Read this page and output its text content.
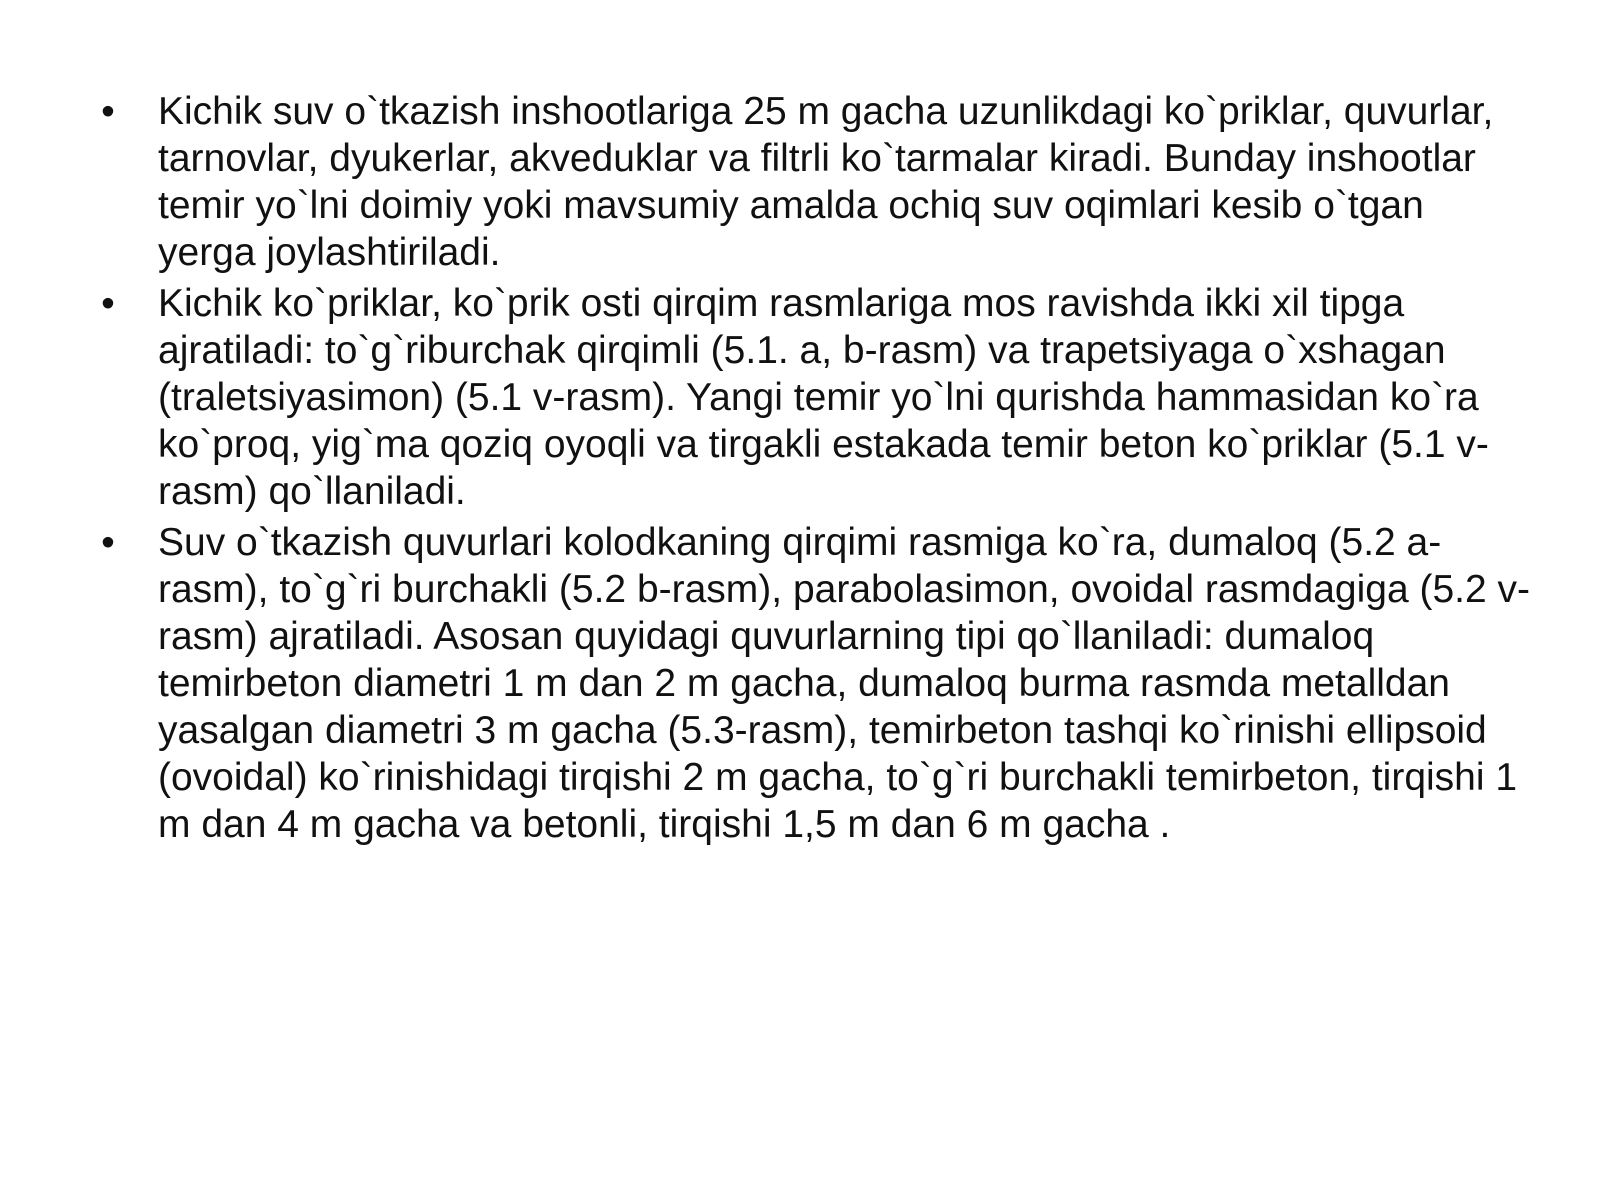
• Kichik suv o`tkazish inshootlariga 25 m gacha uzunlikdagi ko`priklar, quvurlar, tarnovlar, dyukerlar, akveduklar va filtrli ko`tarmalar kiradi. Bunday inshootlar temir yo`lni doimiy yoki mavsumiy amalda ochiq suv oqimlari kesib o`tgan yerga joylashtiriladi.
• Kichik ko`priklar, ko`prik osti qirqim rasmlariga mos ravishda ikki xil tipga ajratiladi: to`g`riburchak qirqimli (5.1. a, b-rasm) va trapetsiyaga o`xshagan (traletsiyasimon) (5.1 v-rasm). Yangi temir yo`lni qurishda hammasidan ko`ra ko`proq, yig`ma qoziq oyoqli va tirgakli estakada temir beton ko`priklar (5.1 v-rasm) qo`llaniladi.
• Suv o`tkazish quvurlari kolodkaning qirqimi rasmiga ko`ra, dumaloq (5.2 a-rasm), to`g`ri burchakli (5.2 b-rasm), parabolasimon, ovoidal rasmdagiga (5.2 v-rasm) ajratiladi. Asosan quyidagi quvurlarning tipi qo`llaniladi: dumaloq temirbeton diametri 1 m dan 2 m gacha, dumaloq burma rasmda metalldan yasalgan diametri 3 m gacha (5.3-rasm), temirbeton tashqi ko`rinishi ellipsoid (ovoidal) ko`rinishidagi tirqishi 2 m gacha, to`g`ri burchakli temirbeton, tirqishi 1 m dan 4 m gacha va betonli, tirqishi 1,5 m dan 6 m gacha .
